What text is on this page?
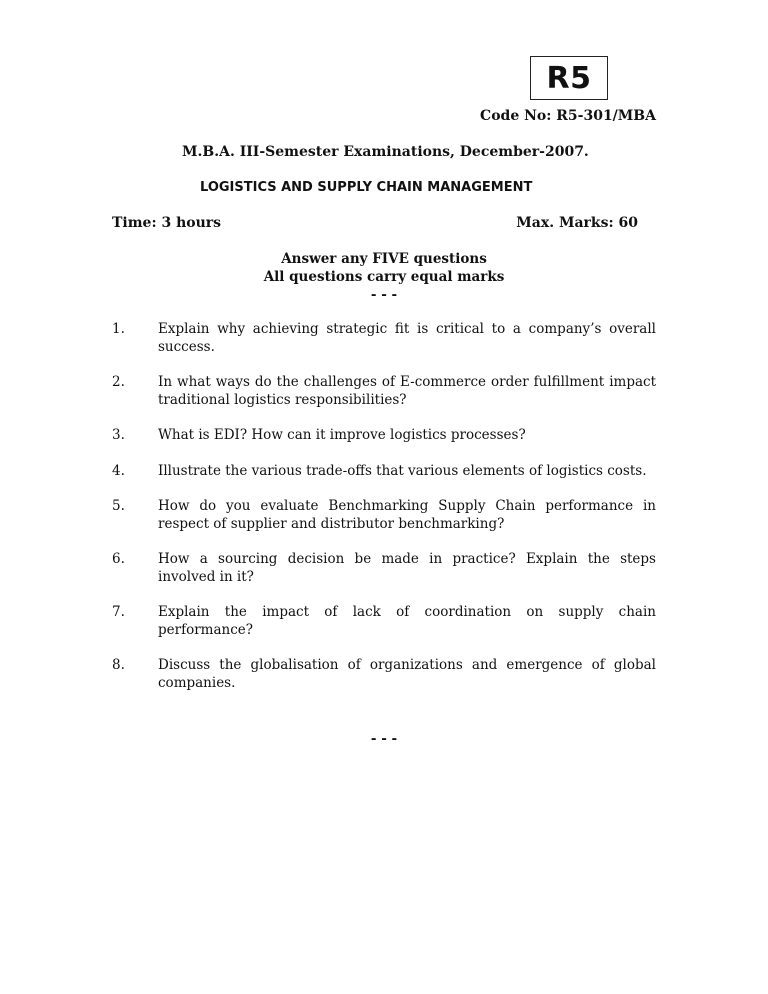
R5
Code No: R5-301/MBA
M.B.A. III-Semester Examinations, December-2007.
LOGISTICS AND SUPPLY CHAIN MANAGEMENT
Time: 3 hours	Max. Marks: 60
Answer any FIVE questions
All questions carry equal marks
- - -
1.	Explain why achieving strategic fit is critical to a company’s overall success.
2.	In what ways do the challenges of E-commerce order fulfillment impact traditional logistics responsibilities?
3.	What is EDI? How can it improve logistics processes?
4.	Illustrate the various trade-offs that various elements of logistics costs.
5.	How do you evaluate Benchmarking Supply Chain performance in respect of supplier and distributor benchmarking?
6.	How a sourcing decision be made in practice? Explain the steps involved in it?
7.	Explain the impact of lack of coordination on supply chain performance?
8.	Discuss the globalisation of organizations and emergence of global companies.
- - -
